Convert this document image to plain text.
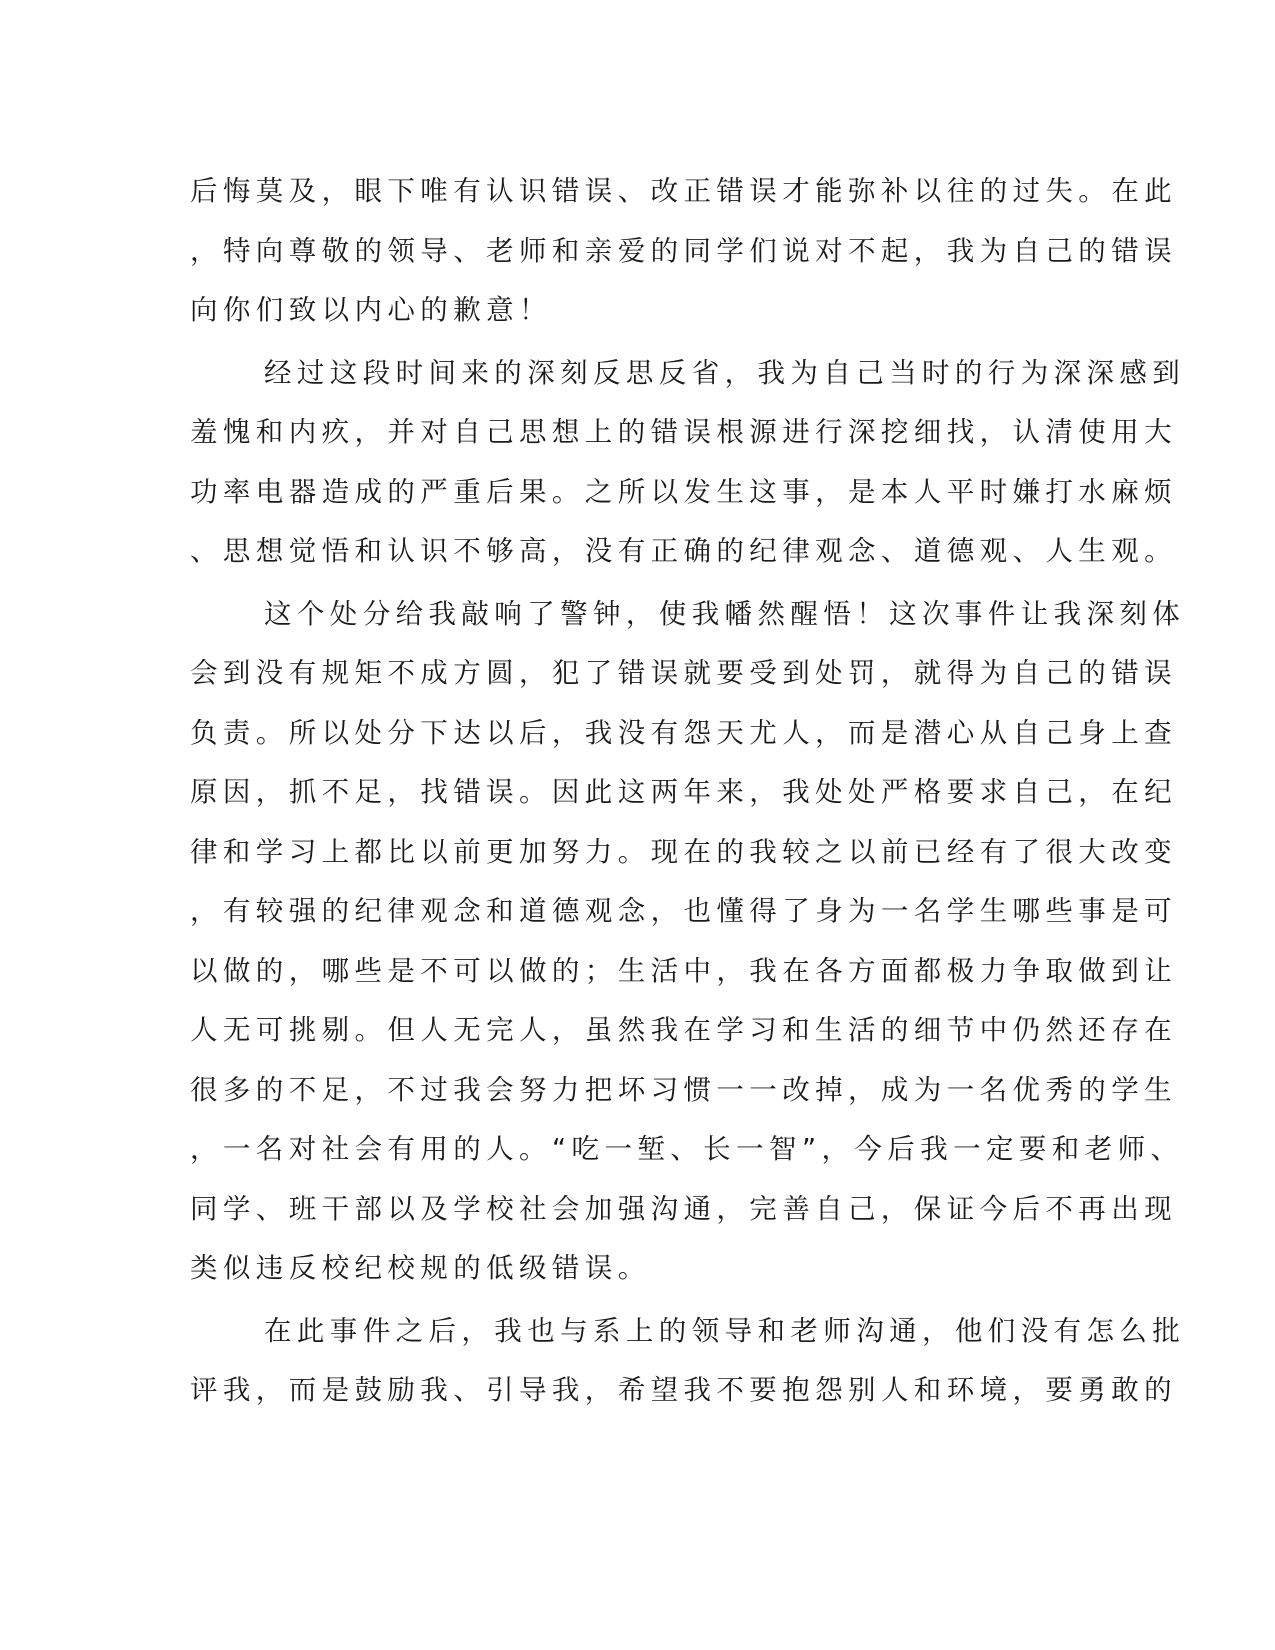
后悔莫及，眼下唯有认识错误、改正错误才能弥补以往的过失。在此
，特向尊敬的领导、老师和亲爱的同学们说对不起，我为自己的错误
向你们致以内心的歉意！
经过这段时间来的深刻反思反省，我为自己当时的行为深深感到
羞愧和内疚，并对自己思想上的错误根源进行深挖细找，认清使用大
功率电器造成的严重后果。之所以发生这事，是本人平时嫌打水麻烦
、思想觉悟和认识不够高，没有正确的纪律观念、道德观、人生观。
这个处分给我敲响了警钟，使我幡然醒悟！这次事件让我深刻体
会到没有规矩不成方圆，犯了错误就要受到处罚，就得为自己的错误
负责。所以处分下达以后，我没有怨天尤人，而是潜心从自己身上查
原因，抓不足，找错误。因此这两年来，我处处严格要求自己，在纪
律和学习上都比以前更加努力。现在的我较之以前已经有了很大改变
，有较强的纪律观念和道德观念，也懂得了身为一名学生哪些事是可
以做的，哪些是不可以做的；生活中，我在各方面都极力争取做到让
人无可挑剔。但人无完人，虽然我在学习和生活的细节中仍然还存在
很多的不足，不过我会努力把坏习惯一一改掉，成为一名优秀的学生
，一名对社会有用的人。“吃一堑、长一智”，今后我一定要和老师、
同学、班干部以及学校社会加强沟通，完善自己，保证今后不再出现
类似违反校纪校规的低级错误。
在此事件之后，我也与系上的领导和老师沟通，他们没有怎么批
评我，而是鼓励我、引导我，希望我不要抱怨别人和环境，要勇敢的
